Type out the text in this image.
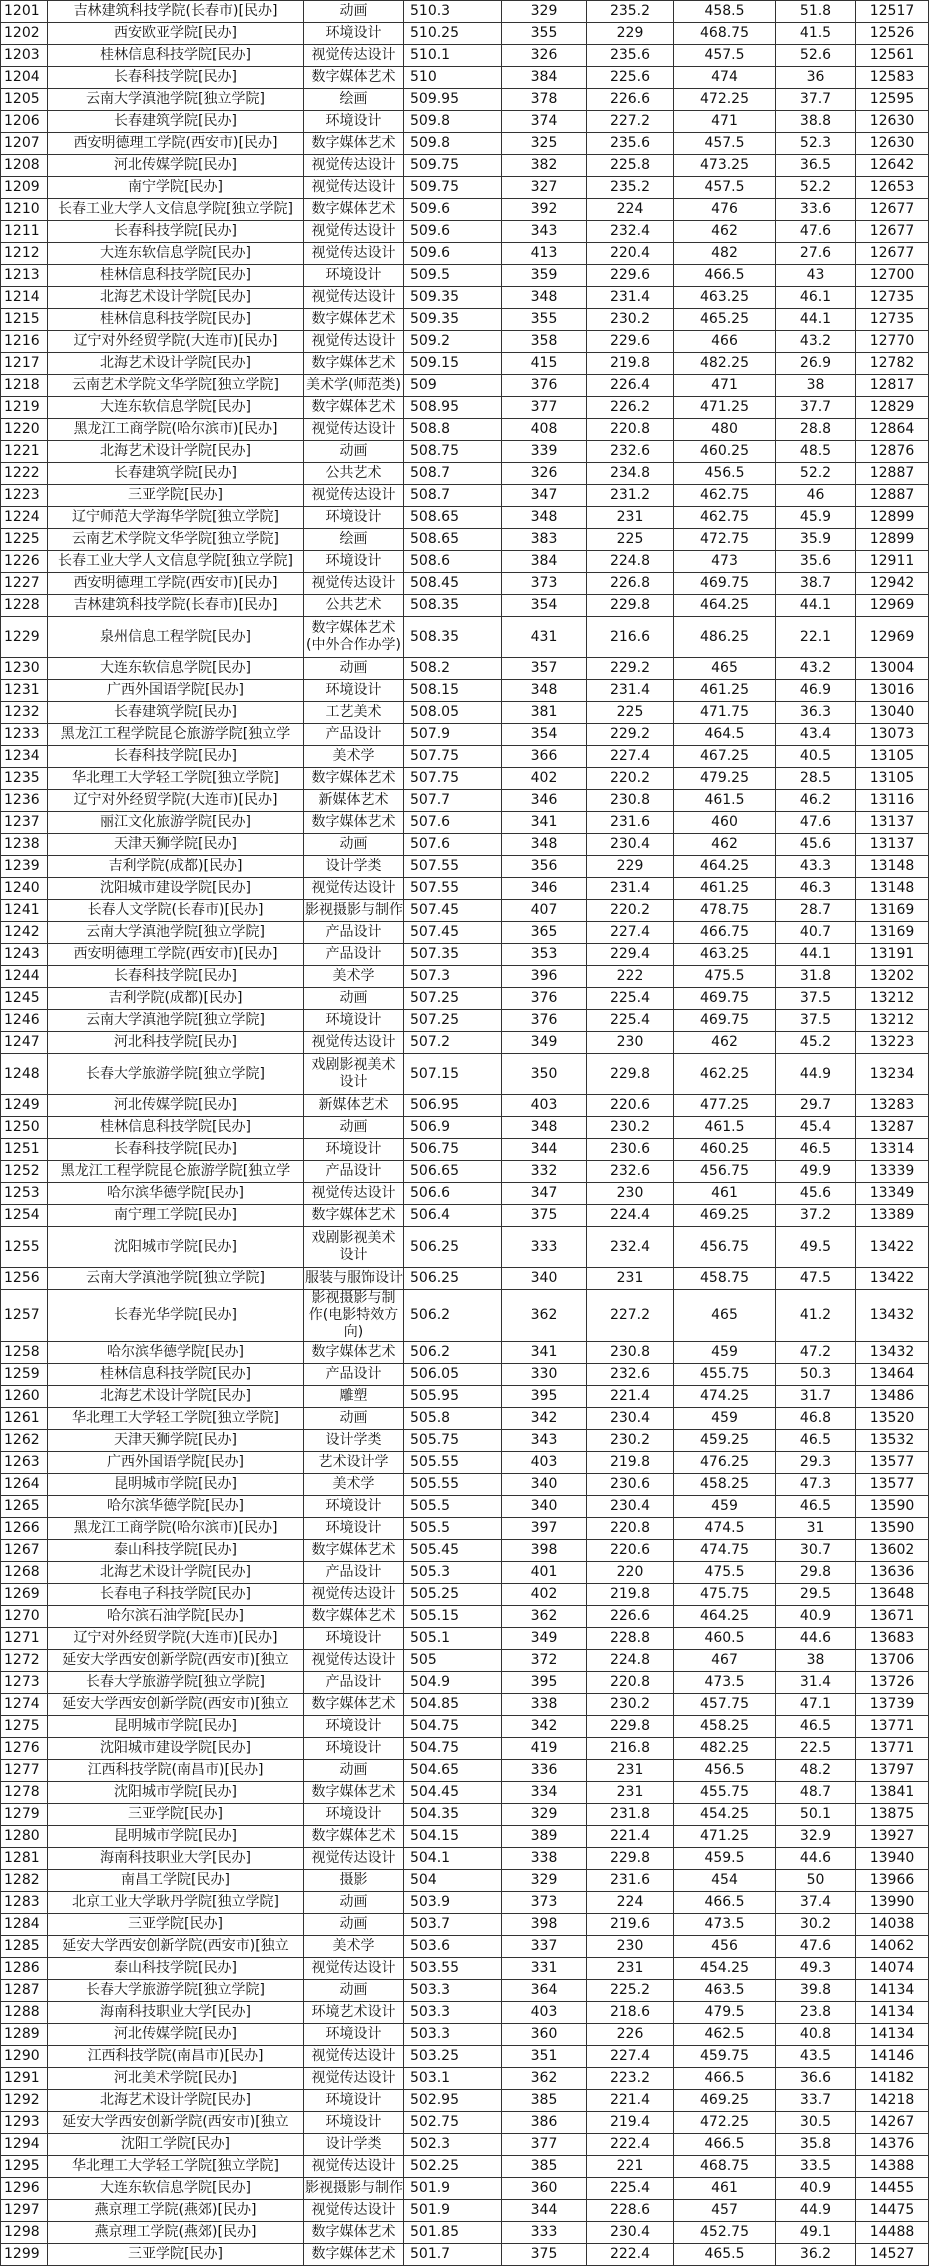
1201	吉林建筑科技学院(长春市)[民办]	动画	510.3	329	235.2	458.5	51.8	12517
1202	西安欧亚学院[民办]	环境设计	510.25	355	229	468.75	41.5	12526
1203	桂林信息科技学院[民办]	视觉传达设计	510.1	326	235.6	457.5	52.6	12561
1204	长春科技学院[民办]	数字媒体艺术	510	384	225.6	474	36	12583
1205	云南大学滇池学院[独立学院]	绘画	509.95	378	226.6	472.25	37.7	12595
1206	长春建筑学院[民办]	环境设计	509.8	374	227.2	471	38.8	12630
1207	西安明德理工学院(西安市)[民办]	数字媒体艺术	509.8	325	235.6	457.5	52.3	12630
1208	河北传媒学院[民办]	视觉传达设计	509.75	382	225.8	473.25	36.5	12642
1209	南宁学院[民办]	视觉传达设计	509.75	327	235.2	457.5	52.2	12653
1210	长春工业大学人文信息学院[独立学院]	数字媒体艺术	509.6	392	224	476	33.6	12677
1211	长春科技学院[民办]	视觉传达设计	509.6	343	232.4	462	47.6	12677
1212	大连东软信息学院[民办]	视觉传达设计	509.6	413	220.4	482	27.6	12677
1213	桂林信息科技学院[民办]	环境设计	509.5	359	229.6	466.5	43	12700
1214	北海艺术设计学院[民办]	视觉传达设计	509.35	348	231.4	463.25	46.1	12735
1215	桂林信息科技学院[民办]	数字媒体艺术	509.35	355	230.2	465.25	44.1	12735
1216	辽宁对外经贸学院(大连市)[民办]	视觉传达设计	509.2	358	229.6	466	43.2	12770
1217	北海艺术设计学院[民办]	数字媒体艺术	509.15	415	219.8	482.25	26.9	12782
1218	云南艺术学院文华学院[独立学院]	美术学(师范类)	509	376	226.4	471	38	12817
1219	大连东软信息学院[民办]	数字媒体艺术	508.95	377	226.2	471.25	37.7	12829
1220	黑龙江工商学院(哈尔滨市)[民办]	视觉传达设计	508.8	408	220.8	480	28.8	12864
1221	北海艺术设计学院[民办]	动画	508.75	339	232.6	460.25	48.5	12876
1222	长春建筑学院[民办]	公共艺术	508.7	326	234.8	456.5	52.2	12887
1223	三亚学院[民办]	视觉传达设计	508.7	347	231.2	462.75	46	12887
1224	辽宁师范大学海华学院[独立学院]	环境设计	508.65	348	231	462.75	45.9	12899
1225	云南艺术学院文华学院[独立学院]	绘画	508.65	383	225	472.75	35.9	12899
1226	长春工业大学人文信息学院[独立学院]	环境设计	508.6	384	224.8	473	35.6	12911
1227	西安明德理工学院(西安市)[民办]	视觉传达设计	508.45	373	226.8	469.75	38.7	12942
1228	吉林建筑科技学院(长春市)[民办]	公共艺术	508.35	354	229.8	464.25	44.1	12969
1229	泉州信息工程学院[民办]	数字媒体艺术(中外合作办学)	508.35	431	216.6	486.25	22.1	12969
1230	大连东软信息学院[民办]	动画	508.2	357	229.2	465	43.2	13004
1231	广西外国语学院[民办]	环境设计	508.15	348	231.4	461.25	46.9	13016
1232	长春建筑学院[民办]	工艺美术	508.05	381	225	471.75	36.3	13040
1233	黑龙江工程学院昆仑旅游学院[独立学	产品设计	507.9	354	229.2	464.5	43.4	13073
1234	长春科技学院[民办]	美术学	507.75	366	227.4	467.25	40.5	13105
1235	华北理工大学轻工学院[独立学院]	数字媒体艺术	507.75	402	220.2	479.25	28.5	13105
1236	辽宁对外经贸学院(大连市)[民办]	新媒体艺术	507.7	346	230.8	461.5	46.2	13116
1237	丽江文化旅游学院[民办]	数字媒体艺术	507.6	341	231.6	460	47.6	13137
1238	天津天狮学院[民办]	动画	507.6	348	230.4	462	45.6	13137
1239	吉利学院(成都)[民办]	设计学类	507.55	356	229	464.25	43.3	13148
1240	沈阳城市建设学院[民办]	视觉传达设计	507.55	346	231.4	461.25	46.3	13148
1241	长春人文学院(长春市)[民办]	影视摄影与制作	507.45	407	220.2	478.75	28.7	13169
1242	云南大学滇池学院[独立学院]	产品设计	507.45	365	227.4	466.75	40.7	13169
1243	西安明德理工学院(西安市)[民办]	产品设计	507.35	353	229.4	463.25	44.1	13191
1244	长春科技学院[民办]	美术学	507.3	396	222	475.5	31.8	13202
1245	吉利学院(成都)[民办]	动画	507.25	376	225.4	469.75	37.5	13212
1246	云南大学滇池学院[独立学院]	环境设计	507.25	376	225.4	469.75	37.5	13212
1247	河北科技学院[民办]	视觉传达设计	507.2	349	230	462	45.2	13223
1248	长春大学旅游学院[独立学院]	戏剧影视美术设计	507.15	350	229.8	462.25	44.9	13234
1249	河北传媒学院[民办]	新媒体艺术	506.95	403	220.6	477.25	29.7	13283
1250	桂林信息科技学院[民办]	动画	506.9	348	230.2	461.5	45.4	13287
1251	长春科技学院[民办]	环境设计	506.75	344	230.6	460.25	46.5	13314
1252	黑龙江工程学院昆仑旅游学院[独立学	产品设计	506.65	332	232.6	456.75	49.9	13339
1253	哈尔滨华德学院[民办]	视觉传达设计	506.6	347	230	461	45.6	13349
1254	南宁理工学院[民办]	数字媒体艺术	506.4	375	224.4	469.25	37.2	13389
1255	沈阳城市学院[民办]	戏剧影视美术设计	506.25	333	232.4	456.75	49.5	13422
1256	云南大学滇池学院[独立学院]	服装与服饰设计	506.25	340	231	458.75	47.5	13422
1257	长春光华学院[民办]	影视摄影与制作(电影特效方向)	506.2	362	227.2	465	41.2	13432
1258	哈尔滨华德学院[民办]	数字媒体艺术	506.2	341	230.8	459	47.2	13432
1259	桂林信息科技学院[民办]	产品设计	506.05	330	232.6	455.75	50.3	13464
1260	北海艺术设计学院[民办]	雕塑	505.95	395	221.4	474.25	31.7	13486
1261	华北理工大学轻工学院[独立学院]	动画	505.8	342	230.4	459	46.8	13520
1262	天津天狮学院[民办]	设计学类	505.75	343	230.2	459.25	46.5	13532
1263	广西外国语学院[民办]	艺术设计学	505.55	403	219.8	476.25	29.3	13577
1264	昆明城市学院[民办]	美术学	505.55	340	230.6	458.25	47.3	13577
1265	哈尔滨华德学院[民办]	环境设计	505.5	340	230.4	459	46.5	13590
1266	黑龙江工商学院(哈尔滨市)[民办]	环境设计	505.5	397	220.8	474.5	31	13590
1267	泰山科技学院[民办]	数字媒体艺术	505.45	398	220.6	474.75	30.7	13602
1268	北海艺术设计学院[民办]	产品设计	505.3	401	220	475.5	29.8	13636
1269	长春电子科技学院[民办]	视觉传达设计	505.25	402	219.8	475.75	29.5	13648
1270	哈尔滨石油学院[民办]	数字媒体艺术	505.15	362	226.6	464.25	40.9	13671
1271	辽宁对外经贸学院(大连市)[民办]	环境设计	505.1	349	228.8	460.5	44.6	13683
1272	延安大学西安创新学院(西安市)[独立	视觉传达设计	505	372	224.8	467	38	13706
1273	长春大学旅游学院[独立学院]	产品设计	504.9	395	220.8	473.5	31.4	13726
1274	延安大学西安创新学院(西安市)[独立	数字媒体艺术	504.85	338	230.2	457.75	47.1	13739
1275	昆明城市学院[民办]	环境设计	504.75	342	229.8	458.25	46.5	13771
1276	沈阳城市建设学院[民办]	环境设计	504.75	419	216.8	482.25	22.5	13771
1277	江西科技学院(南昌市)[民办]	动画	504.65	336	231	456.5	48.2	13797
1278	沈阳城市学院[民办]	数字媒体艺术	504.45	334	231	455.75	48.7	13841
1279	三亚学院[民办]	环境设计	504.35	329	231.8	454.25	50.1	13875
1280	昆明城市学院[民办]	数字媒体艺术	504.15	389	221.4	471.25	32.9	13927
1281	海南科技职业大学[民办]	视觉传达设计	504.1	338	229.8	459.5	44.6	13940
1282	南昌工学院[民办]	摄影	504	329	231.6	454	50	13966
1283	北京工业大学耿丹学院[独立学院]	动画	503.9	373	224	466.5	37.4	13990
1284	三亚学院[民办]	动画	503.7	398	219.6	473.5	30.2	14038
1285	延安大学西安创新学院(西安市)[独立	美术学	503.6	337	230	456	47.6	14062
1286	泰山科技学院[民办]	视觉传达设计	503.55	331	231	454.25	49.3	14074
1287	长春大学旅游学院[独立学院]	动画	503.3	364	225.2	463.5	39.8	14134
1288	海南科技职业大学[民办]	环境艺术设计	503.3	403	218.6	479.5	23.8	14134
1289	河北传媒学院[民办]	环境设计	503.3	360	226	462.5	40.8	14134
1290	江西科技学院(南昌市)[民办]	视觉传达设计	503.25	351	227.4	459.75	43.5	14146
1291	河北美术学院[民办]	视觉传达设计	503.1	362	223.2	466.5	36.6	14182
1292	北海艺术设计学院[民办]	环境设计	502.95	385	221.4	469.25	33.7	14218
1293	延安大学西安创新学院(西安市)[独立	环境设计	502.75	386	219.4	472.25	30.5	14267
1294	沈阳工学院[民办]	设计学类	502.3	377	222.4	466.5	35.8	14376
1295	华北理工大学轻工学院[独立学院]	视觉传达设计	502.25	385	221	468.75	33.5	14388
1296	大连东软信息学院[民办]	影视摄影与制作	501.9	360	225.4	461	40.9	14455
1297	燕京理工学院(燕郊)[民办]	视觉传达设计	501.9	344	228.6	457	44.9	14475
1298	燕京理工学院(燕郊)[民办]	数字媒体艺术	501.85	333	230.4	452.75	49.1	14488
1299	三亚学院[民办]	数字媒体艺术	501.7	375	222.4	465.5	36.2	14527
